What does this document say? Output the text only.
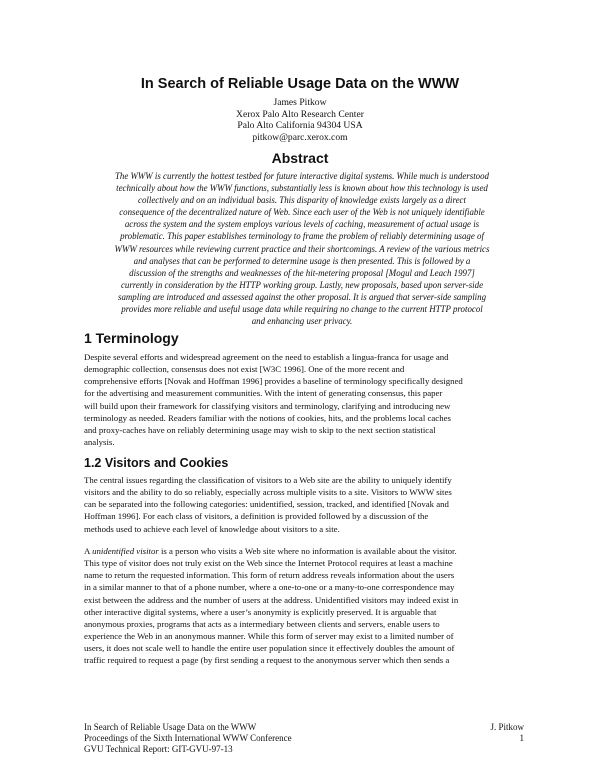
In Search of Reliable Usage Data on the WWW
James Pitkow
Xerox Palo Alto Research Center
Palo Alto California 94304 USA
pitkow@parc.xerox.com
Abstract
The WWW is currently the hottest testbed for future interactive digital systems. While much is understood
technically about how the WWW functions, substantially less is known about how this technology is used
collectively and on an individual basis. This disparity of knowledge exists largely as a direct
consequence of the decentralized nature of Web. Since each user of the Web is not uniquely identifiable
across the system and the system employs various levels of caching, measurement of actual usage is
problematic. This paper establishes terminology to frame the problem of reliably determining usage of
WWW resources while reviewing current practice and their shortcomings. A review of the various metrics
and analyses that can be performed to determine usage is then presented. This is followed by a
discussion of the strengths and weaknesses of the hit-metering proposal [Mogul and Leach 1997]
currently in consideration by the HTTP working group. Lastly, new proposals, based upon server-side
sampling are introduced and assessed against the other proposal. It is argued that server-side sampling
provides more reliable and useful usage data while requiring no change to the current HTTP protocol
and enhancing user privacy.
1 Terminology
Despite several efforts and widespread agreement on the need to establish a lingua-franca for usage and
demographic collection, consensus does not exist [W3C 1996]. One of the more recent and
comprehensive efforts [Novak and Hoffman 1996] provides a baseline of terminology specifically designed
for the advertising and measurement communities. With the intent of generating consensus, this paper
will build upon their framework for classifying visitors and terminology, clarifying and introducing new
terminology as needed. Readers familiar with the notions of cookies, hits, and the problems local caches
and proxy-caches have on reliably determining usage may wish to skip to the next section statistical
analysis.
1.2 Visitors and Cookies
The central issues regarding the classification of visitors to a Web site are the ability to uniquely identify
visitors and the ability to do so reliably, especially across multiple visits to a site. Visitors to WWW sites
can be separated into the following categories: unidentified, session, tracked, and identified [Novak and
Hoffman 1996]. For each class of visitors, a definition is provided followed by a discussion of the
methods used to achieve each level of knowledge about visitors to a site.
A unidentified visitor is a person who visits a Web site where no information is available about the visitor.
This type of visitor does not truly exist on the Web since the Internet Protocol requires at least a machine
name to return the requested information. This form of return address reveals information about the users
in a similar manner to that of a phone number, where a one-to-one or a many-to-one correspondence may
exist between the address and the number of users at the address. Unidentified visitors may indeed exist in
other interactive digital systems, where a user’s anonymity is explicitly preserved. It is arguable that
anonymous proxies, programs that acts as a intermediary between clients and servers, enable users to
experience the Web in an anonymous manner. While this form of server may exist to a limited number of
users, it does not scale well to handle the entire user population since it effectively doubles the amount of
traffic required to request a page (by first sending a request to the anonymous server which then sends a
In Search of Reliable Usage Data on the WWW
Proceedings of the Sixth International WWW Conference
GVU Technical Report: GIT-GVU-97-13
J. Pitkow
1
